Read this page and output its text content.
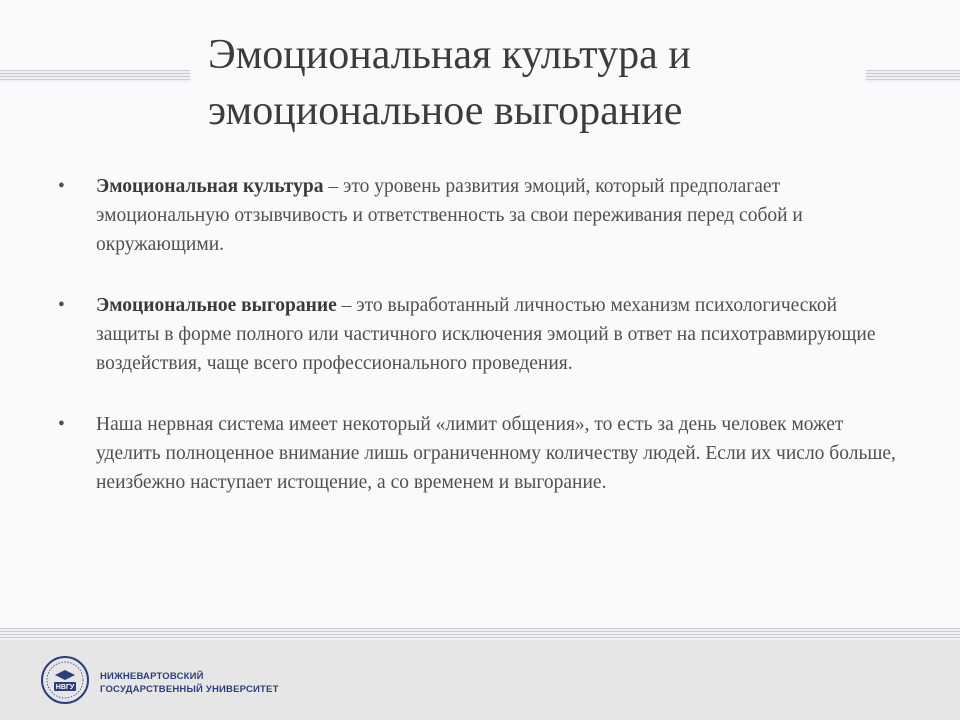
Эмоциональная культура и эмоциональное выгорание
• Эмоциональная культура – это уровень развития эмоций, который предполагает эмоциональную отзывчивость и ответственность за свои переживания перед собой и окружающими.
• Эмоциональное выгорание – это выработанный личностью механизм психологической защиты в форме полного или частичного исключения эмоций в ответ на психотравмирующие воздействия, чаще всего профессионального проведения.
• Наша нервная система имеет некоторый «лимит общения», то есть за день человек может уделить полноценное внимание лишь ограниченному количеству людей. Если их число больше, неизбежно наступает истощение, а со временем и выгорание.
НВГУ
НИЖНЕВАРТОВСКИЙ
ГОСУДАРСТВЕННЫЙ УНИВЕРСИТЕТ
